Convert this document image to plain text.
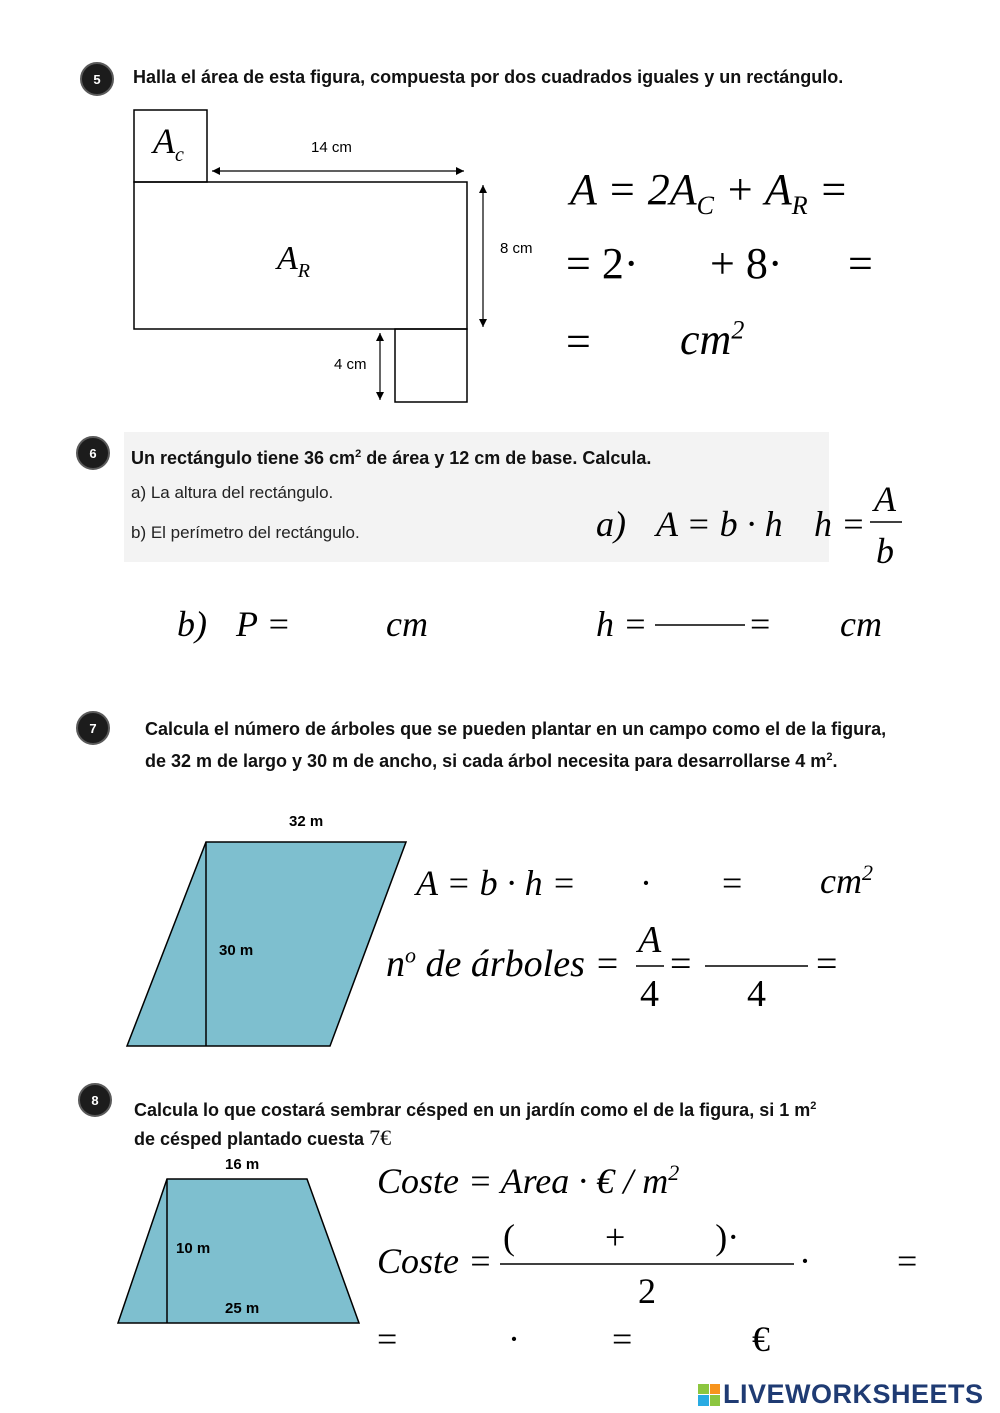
5	Halla el área de esta figura, compuesta por dos cuadrados iguales y un rectángulo.
$A_c$
$A_R$
14 cm
8 cm
4 cm
$A = 2A_C + A_R$ =
= 2· + 8· =
= $cm^2$
6	Un rectángulo tiene 36 $cm^2$ de área y 12 cm de base. Calcula.
a) La altura del rectángulo.
b) El perímetro del rectángulo.	a) A = b · h h =
A
b
b) P =	cm	h =	= cm
7	Calcula el número de árboles que se pueden plantar en un campo como el de la figura, de 32 m de largo y 30 m de ancho, si cada árbol necesita para desarrollarse 4 $m^2$.
32 m
30 m
A = b · h = · = $cm^2$
$n^o$ de árboles =
A
4
=
4
=
8	Calcula lo que costará sembrar césped en un jardín como el de la figura, si 1 $m^2$
de césped plantado cuesta 7€
16 m
10 m
25 m
Coste = Area · € / $m^2$
Coste =
(          +          )·
2
· =
=	·	=	€
LIVEWORKSHEETS
